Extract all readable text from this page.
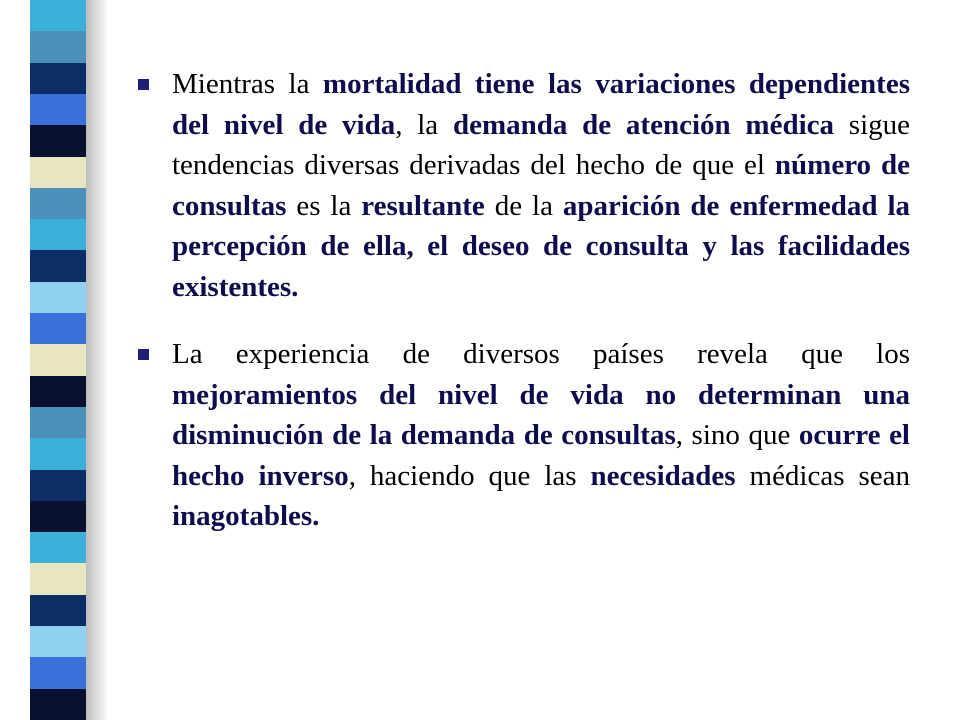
Mientras la mortalidad tiene las variaciones dependientes del nivel de vida, la demanda de atención médica sigue tendencias diversas derivadas del hecho de que el número de consultas es la resultante de la aparición de enfermedad la percepción de ella, el deseo de consulta y las facilidades existentes.

La experiencia de diversos países revela que los mejoramientos del nivel de vida no determinan una disminución de la demanda de consultas, sino que ocurre el hecho inverso, haciendo que las necesidades médicas sean inagotables.
